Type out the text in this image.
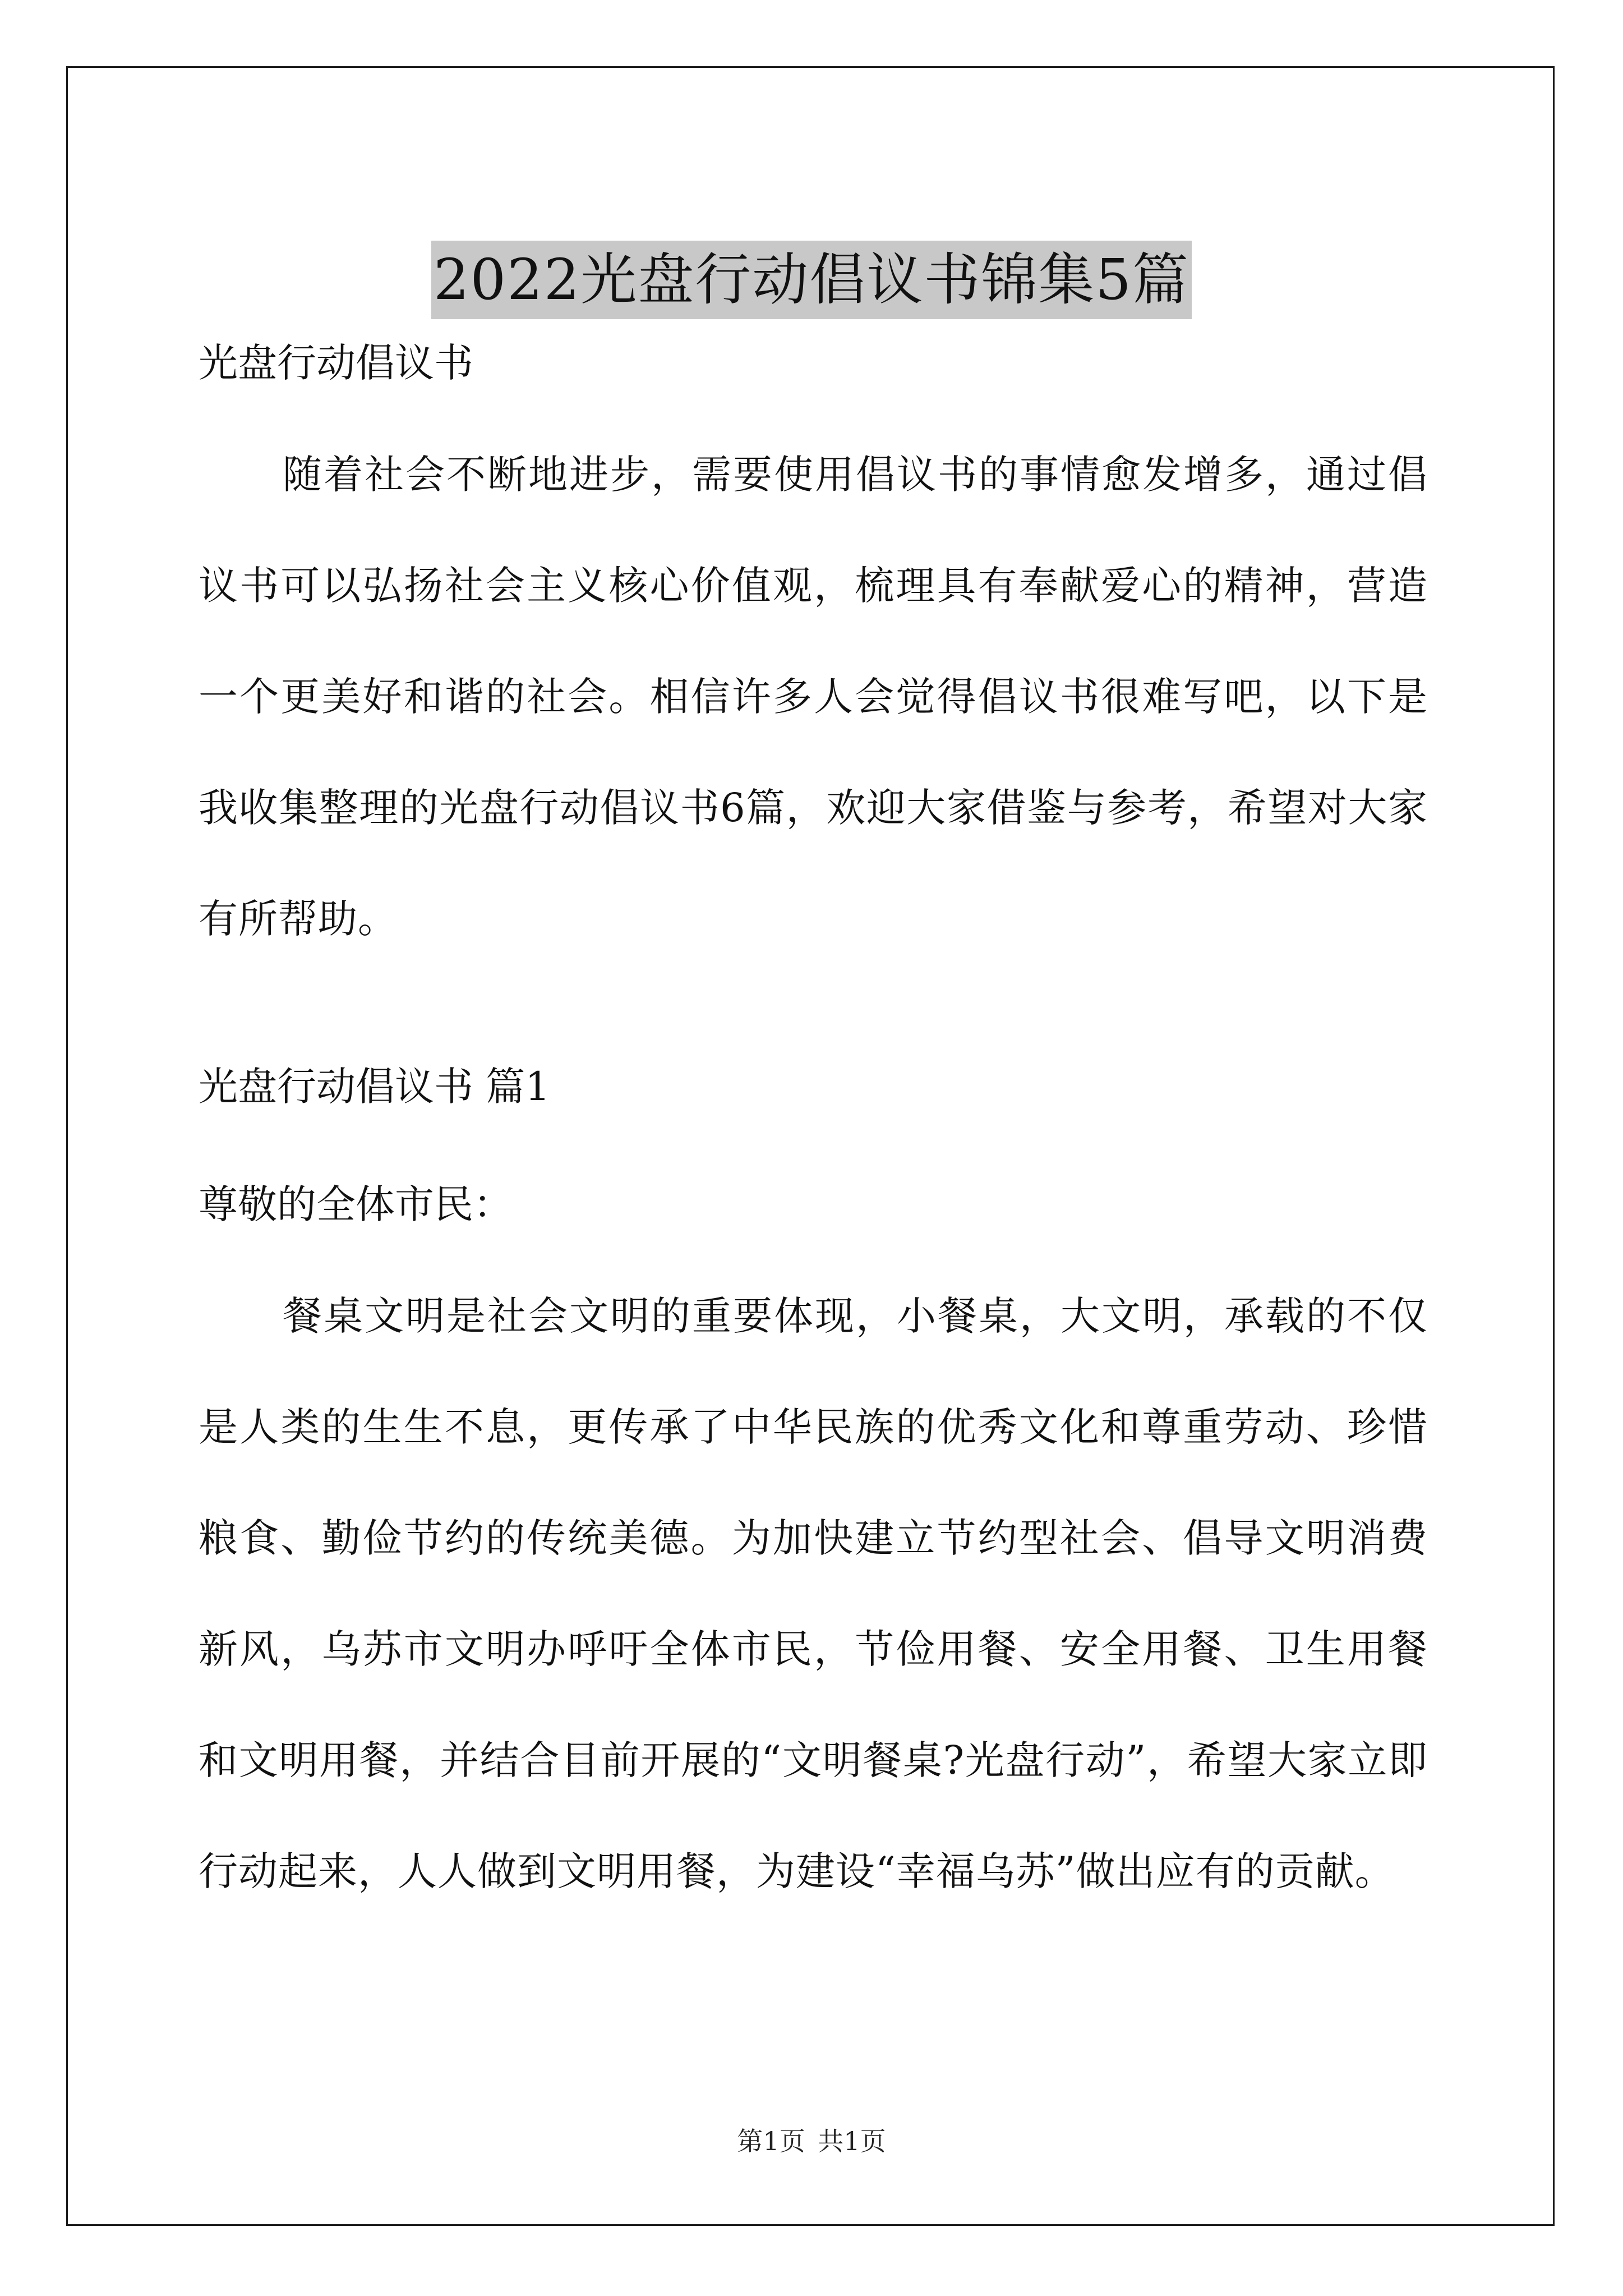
2022光盘行动倡议书锦集5篇
光盘行动倡议书
随着社会不断地进步，需要使用倡议书的事情愈发增多，通过倡议书可以弘扬社会主义核心价值观，梳理具有奉献爱心的精神，营造一个更美好和谐的社会。相信许多人会觉得倡议书很难写吧，以下是我收集整理的光盘行动倡议书6篇，欢迎大家借鉴与参考，希望对大家有所帮助。
光盘行动倡议书 篇1
尊敬的全体市民：
餐桌文明是社会文明的重要体现，小餐桌，大文明，承载的不仅是人类的生生不息，更传承了中华民族的优秀文化和尊重劳动、珍惜粮食、勤俭节约的传统美德。为加快建立节约型社会、倡导文明消费新风，乌苏市文明办呼吁全体市民，节俭用餐、安全用餐、卫生用餐和文明用餐，并结合目前开展的“文明餐桌?光盘行动”，希望大家立即行动起来，人人做到文明用餐，为建设“幸福乌苏”做出应有的贡献。
第1页 共1页
